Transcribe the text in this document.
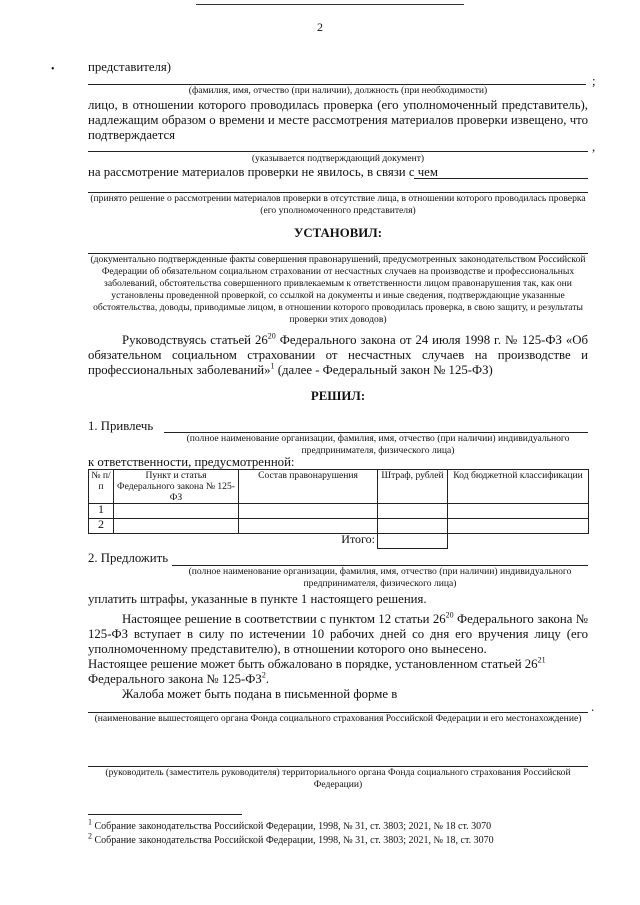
2
•	представителя)
;
(фамилия, имя, отчество (при наличии), должность (при необходимости)
лицо, в отношении которого проводилась проверка (его уполномоченный представитель), надлежащим образом о времени и месте рассмотрения материалов проверки извещено, что подтверждается
,
(указывается подтверждающий документ)
на рассмотрение материалов проверки не явилось, в связи с чем
(принято решение о рассмотрении материалов проверки в отсутствие лица, в отношении которого проводилась проверка (его уполномоченного представителя)
УСТАНОВИЛ:
(документально подтвержденные факты совершения правонарушений, предусмотренных законодательством Российской Федерации об обязательном социальном страховании от несчастных случаев на производстве и профессиональных заболеваний, обстоятельства совершенного привлекаемым к ответственности лицом правонарушения так, как они установлены проведенной проверкой, со ссылкой на документы и иные сведения, подтверждающие указанные обстоятельства, доводы, приводимые лицом, в отношении которого проводилась проверка, в свою защиту, и результаты проверки этих доводов)
Руководствуясь статьей $26^{20}$ Федерального закона от 24 июля 1998 г. № 125-ФЗ «Об обязательном социальном страховании от несчастных случаев на производстве и профессиональных заболеваний»$^1$ (далее - Федеральный закон № 125-ФЗ)
РЕШИЛ:
1. Привлечь
(полное наименование организации, фамилия, имя, отчество (при наличии) индивидуального предпринимателя, физического лица)
к ответственности, предусмотренной:
№ п/п	Пункт и статья Федерального закона № 125-ФЗ	Состав правонарушения	Штраф, рублей	Код бюджетной классификации
1				
2				
Итого:				
2. Предложить
(полное наименование организации, фамилия, имя, отчество (при наличии) индивидуального предпринимателя, физического лица)
уплатить штрафы, указанные в пункте 1 настоящего решения.
Настоящее решение в соответствии с пунктом 12 статьи $26^{20}$ Федерального закона № 125-ФЗ вступает в силу по истечении 10 рабочих дней со дня его вручения лицу (его уполномоченному представителю), в отношении которого оно вынесено.
Настоящее решение может быть обжаловано в порядке, установленном статьей $26^{21}$ Федерального закона № $125-ФЗ^2$.
Жалоба может быть подана в письменной форме в
.
(наименование вышестоящего органа Фонда социального страхования Российской Федерации и его местонахождение)
(руководитель (заместитель руководителя) территориального органа Фонда социального страхования Российской Федерации)
$^1$ Собрание законодательства Российской Федерации, 1998, № 31, ст. 3803; 2021, № 18 ст. 3070
$^2$ Собрание законодательства Российской Федерации, 1998, № 31, ст. 3803; 2021, № 18, ст. 3070
